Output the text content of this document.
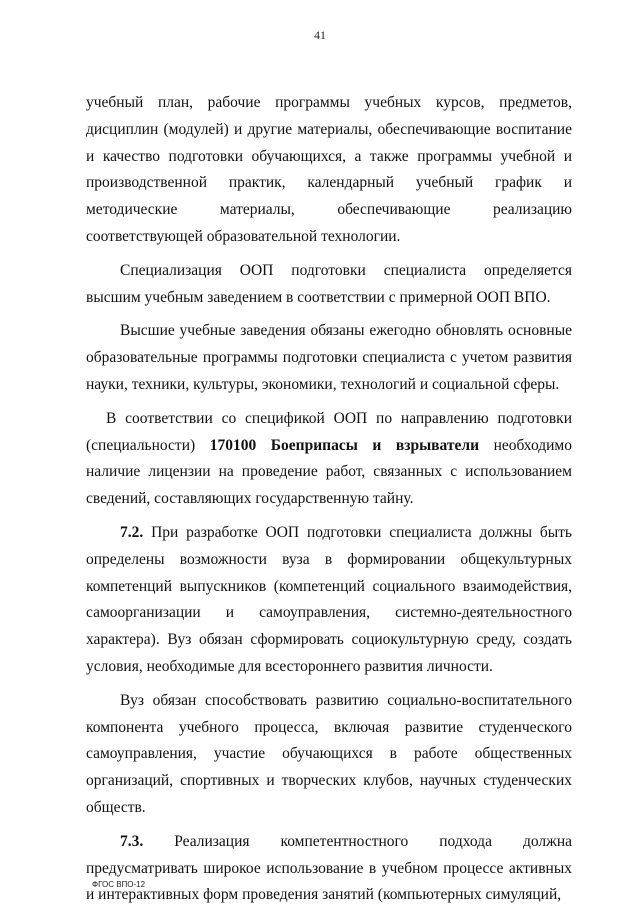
41

учебный план, рабочие программы учебных курсов, предметов, дисциплин (модулей) и другие материалы, обеспечивающие воспитание и качество подготовки обучающихся, а также программы учебной и производственной практик, календарный учебный график и методические материалы, обеспечивающие реализацию соответствующей образовательной технологии.

Специализация ООП подготовки специалиста определяется высшим учебным заведением в соответствии с примерной ООП ВПО.

Высшие учебные заведения обязаны ежегодно обновлять основные образовательные программы подготовки специалиста с учетом развития науки, техники, культуры, экономики, технологий и социальной сферы.

В соответствии со спецификой ООП по направлению подготовки (специальности) 170100 Боеприпасы и взрыватели необходимо наличие лицензии на проведение работ, связанных с использованием сведений, составляющих государственную тайну.

7.2. При разработке ООП подготовки специалиста должны быть определены возможности вуза в формировании общекультурных компетенций выпускников (компетенций социального взаимодействия, самоорганизации и самоуправления, системно-деятельностного характера). Вуз обязан сформировать социокультурную среду, создать условия, необходимые для всестороннего развития личности.

Вуз обязан способствовать развитию социально-воспитательного компонента учебного процесса, включая развитие студенческого самоуправления, участие обучающихся в работе общественных организаций, спортивных и творческих клубов, научных студенческих обществ.

7.3. Реализация компетентностного подхода должна предусматривать широкое использование в учебном процессе активных и интерактивных форм проведения занятий (компьютерных симуляций,

ФГОС ВПО-12
